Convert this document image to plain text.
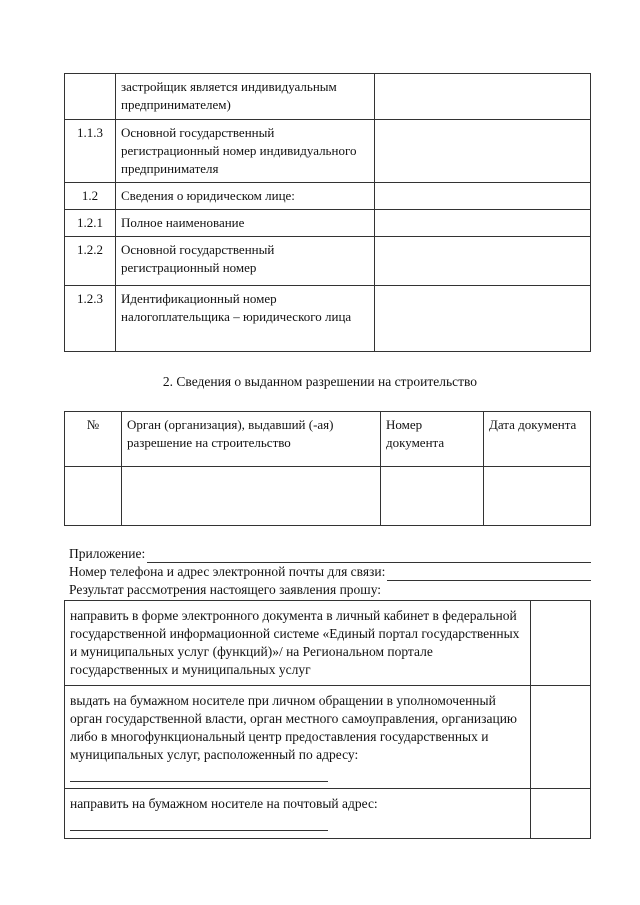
	застройщик является индивидуальным предпринимателем)	
1.1.3	Основной государственный регистрационный номер индивидуального предпринимателя	
1.2	Сведения о юридическом лице:	
1.2.1	Полное наименование	
1.2.2	Основной государственный регистрационный номер	
1.2.3	Идентификационный номер налогоплательщика – юридического лица	
2. Сведения о выданном разрешении на строительство
№	Орган (организация), выдавший (-ая) разрешение на строительство	Номер документа	Дата документа

Приложение:
Номер телефона и адрес электронной почты для связи:
Результат рассмотрения настоящего заявления прошу:
направить в форме электронного документа в личный кабинет в федеральной государственной информационной системе «Единый портал государственных и муниципальных услуг (функций)»/ на Региональном портале государственных и муниципальных услуг	
выдать на бумажном носителе при личном обращении в уполномоченный орган государственной власти, орган местного самоуправления, организацию либо в многофункциональный центр предоставления государственных и муниципальных услуг, расположенный по адресу:	
направить на бумажном носителе на почтовый адрес:	
